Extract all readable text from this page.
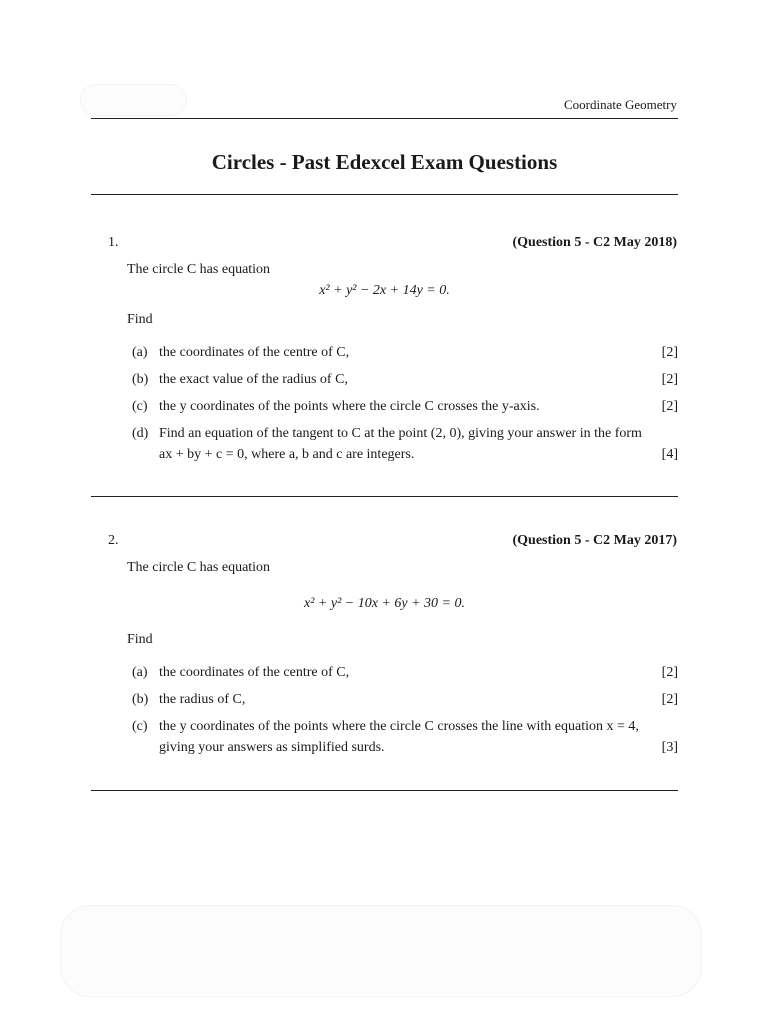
Coordinate Geometry
Circles - Past Edexcel Exam Questions
1.	(Question 5 - C2 May 2018)
The circle C has equation
x² + y² − 2x + 14y = 0.
Find
(a) the coordinates of the centre of C,	[2]
(b) the exact value of the radius of C,	[2]
(c) the y coordinates of the points where the circle C crosses the y-axis.	[2]
(d) Find an equation of the tangent to C at the point (2, 0), giving your answer in the form ax + by + c = 0, where a, b and c are integers.	[4]
2.	(Question 5 - C2 May 2017)
The circle C has equation
x² + y² − 10x + 6y + 30 = 0.
Find
(a) the coordinates of the centre of C,	[2]
(b) the radius of C,	[2]
(c) the y coordinates of the points where the circle C crosses the line with equation x = 4, giving your answers as simplified surds.	[3]
